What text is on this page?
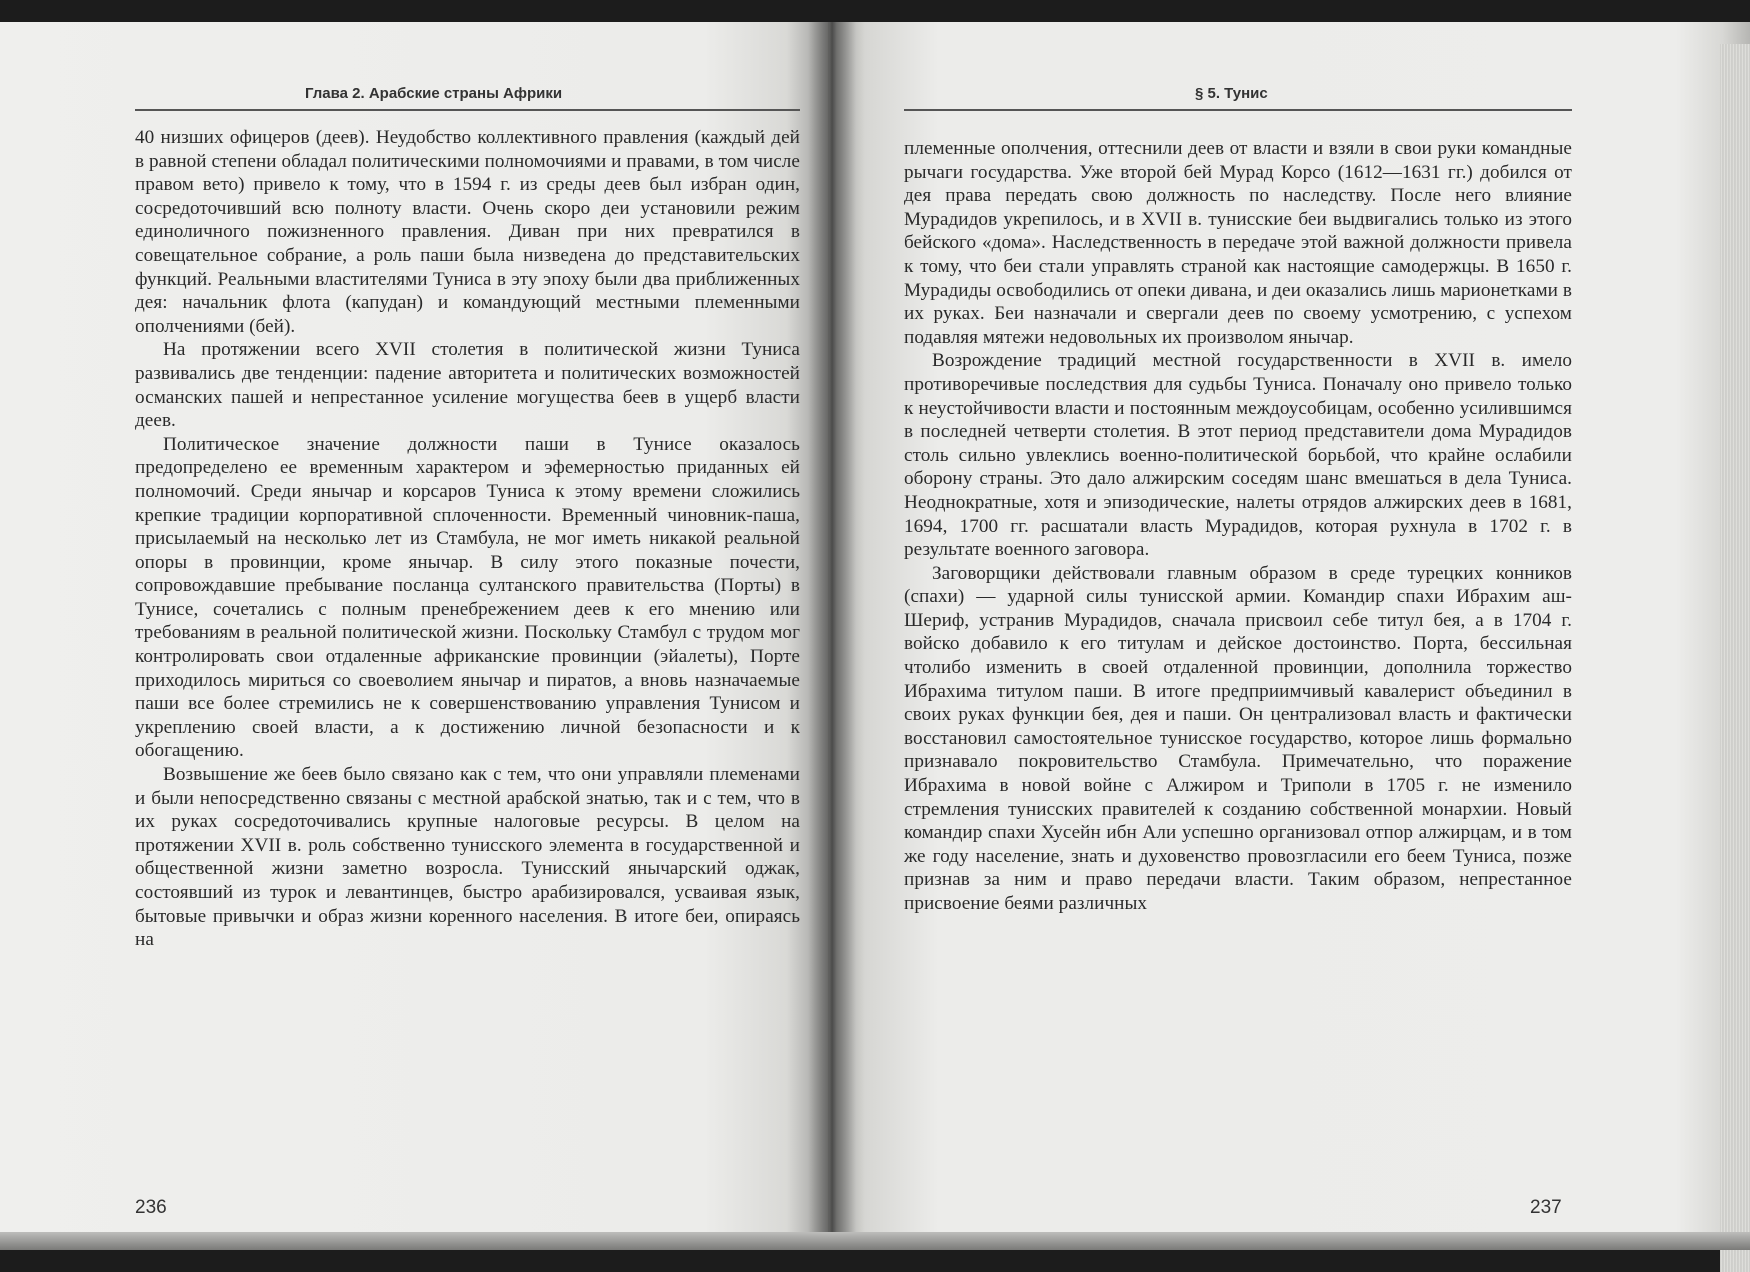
Глава 2. Арабские страны Африки

40 низших офицеров (деев). Неудобство коллективного правления (каждый дей в равной степени обладал политическими полномочиями и правами, в том числе правом вето) привело к тому, что в 1594 г. из среды деев был избран один, сосредоточивший всю полноту власти. Очень скоро деи установили режим единоличного пожизненного правления. Диван при них превратился в совещательное собрание, а роль паши была низведена до представительских функций. Реальными властителями Туниса в эту эпоху были два приближенных дея: начальник флота (капудан) и командующий местными племенными ополчениями (бей).

На протяжении всего XVII столетия в политической жизни Туниса развивались две тенденции: падение авторитета и политических возможностей османских пашей и непрестанное усиление могущества беев в ущерб власти деев.

Политическое значение должности паши в Тунисе оказалось предопределено ее временным характером и эфемерностью приданных ей полномочий. Среди янычар и корсаров Туниса к этому времени сложились крепкие традиции корпоративной сплоченности. Временный чиновник-паша, присылаемый на несколько лет из Стамбула, не мог иметь никакой реальной опоры в провинции, кроме янычар. В силу этого показные почести, сопровождавшие пребывание посланца султанского правительства (Порты) в Тунисе, сочетались с полным пренебрежением деев к его мнению или требованиям в реальной политической жизни. Поскольку Стамбул с трудом мог контролировать свои отдаленные африканские провинции (эйалеты), Порте приходилось мириться со своеволием янычар и пиратов, а вновь назначаемые паши все более стремились не к совершенствованию управления Тунисом и укреплению своей власти, а к достижению личной безопасности и к обогащению.

Возвышение же беев было связано как с тем, что они управляли племенами и были непосредственно связаны с местной арабской знатью, так и с тем, что в их руках сосредоточивались крупные налоговые ресурсы. В целом на протяжении XVII в. роль собственно тунисского элемента в государственной и общественной жизни заметно возросла. Тунисский янычарский оджак, состоявший из турок и левантинцев, быстро арабизировался, усваивая язык, бытовые привычки и образ жизни коренного населения. В итоге беи, опираясь на

236
§ 5. Тунис

племенные ополчения, оттеснили деев от власти и взяли в свои руки командные рычаги государства. Уже второй бей Мурад Корсо (1612—1631 гг.) добился от дея права передать свою должность по наследству. После него влияние Мурадидов укрепилось, и в XVII в. тунисские беи выдвигались только из этого бейского «дома». Наследственность в передаче этой важной должности привела к тому, что беи стали управлять страной как настоящие самодержцы. В 1650 г. Мурадиды освободились от опеки дивана, и деи оказались лишь марионетками в их руках. Беи назначали и свергали деев по своему усмотрению, с успехом подавляя мятежи недовольных их произволом янычар.

Возрождение традиций местной государственности в XVII в. имело противоречивые последствия для судьбы Туниса. Поначалу оно привело только к неустойчивости власти и постоянным междоусобицам, особенно усилившимся в последней четверти столетия. В этот период представители дома Мурадидов столь сильно увлеклись военно-политической борьбой, что крайне ослабили оборону страны. Это дало алжирским соседям шанс вмешаться в дела Туниса. Неоднократные, хотя и эпизодические, налеты отрядов алжирских деев в 1681, 1694, 1700 гг. расшатали власть Мурадидов, которая рухнула в 1702 г. в результате военного заговора.

Заговорщики действовали главным образом в среде турецких конников (спахи) — ударной силы тунисской армии. Командир спахи Ибрахим аш-Шериф, устранив Мурадидов, сначала присвоил себе титул бея, а в 1704 г. войско добавило к его титулам и дейское достоинство. Порта, бессильная чтолибо изменить в своей отдаленной провинции, дополнила торжество Ибрахима титулом паши. В итоге предприимчивый кавалерист объединил в своих руках функции бея, дея и паши. Он централизовал власть и фактически восстановил самостоятельное тунисское государство, которое лишь формально признавало покровительство Стамбула. Примечательно, что поражение Ибрахима в новой войне с Алжиром и Триполи в 1705 г. не изменило стремления тунисских правителей к созданию собственной монархии. Новый командир спахи Хусейн ибн Али успешно организовал отпор алжирцам, и в том же году население, знать и духовенство провозгласили его беем Туниса, позже признав за ним и право передачи власти. Таким образом, непрестанное присвоение беями различных

237
